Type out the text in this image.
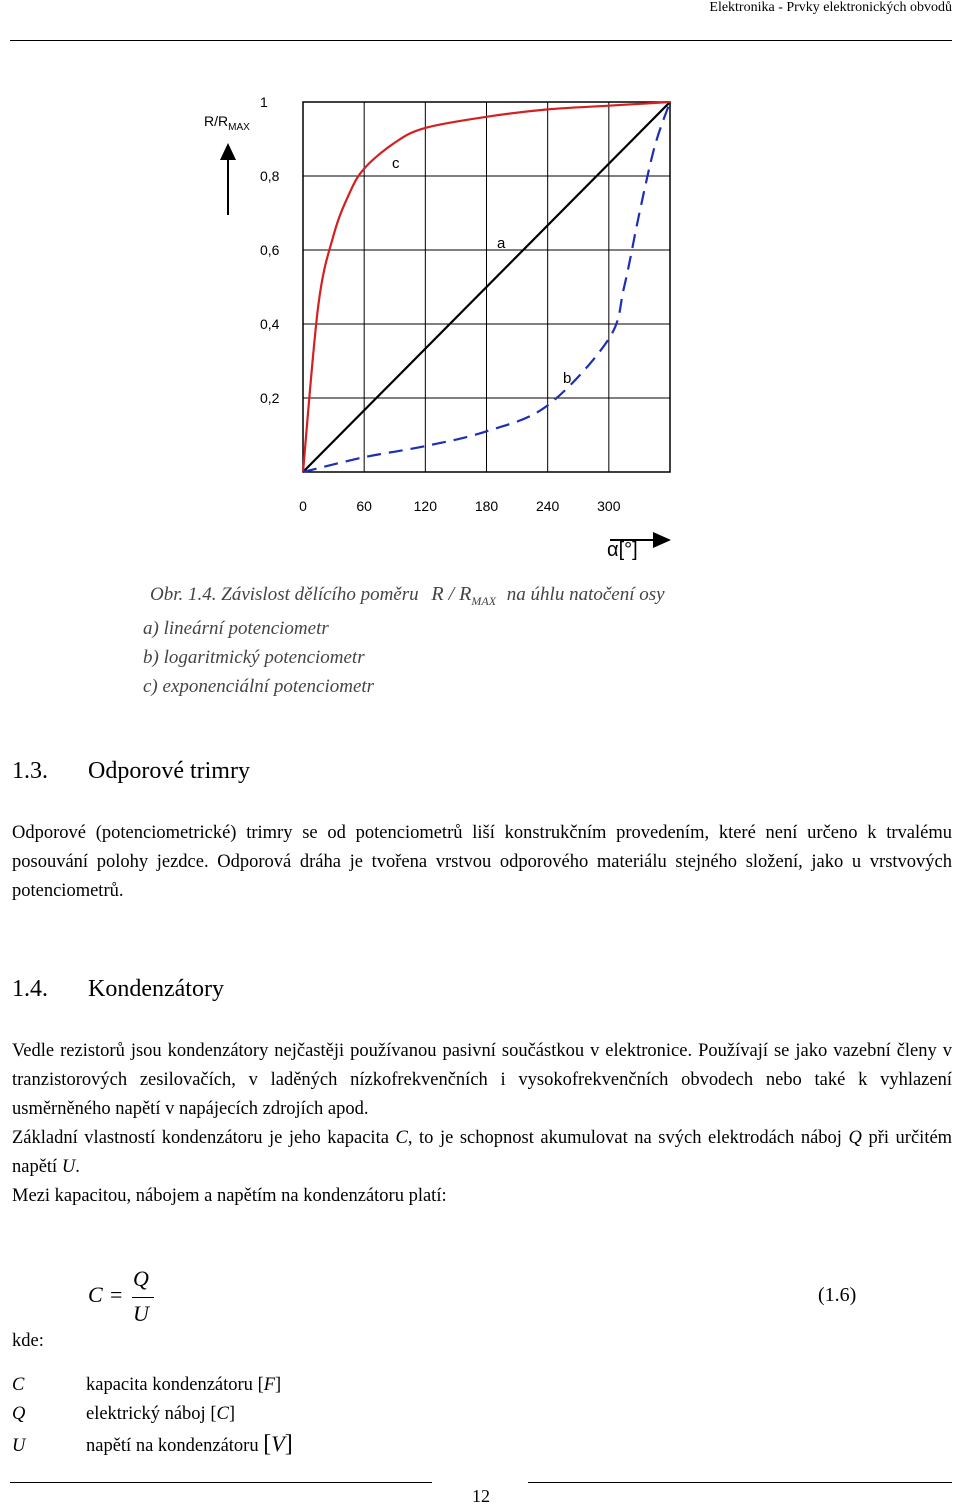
Elektronika - Prvky elektronických obvodů
$R/R_{MAX}$
1
0,8
0,6
0,4
0,2
0	60	120	180	240	300
α[°]
c
a
b
Obr. 1.4. Závislost dělícího poměru R / $R_{MAX}$ na úhlu natočení osy
a) lineární potenciometr
b) logaritmický potenciometr
c) exponenciální potenciometr
1.3. Odporové trimry

Odporové (potenciometrické) trimry se od potenciometrů liší konstrukčním provedením, které není určeno k trvalému posouvání polohy jezdce. Odporová dráha je tvořena vrstvou odporového materiálu stejného složení, jako u vrstvových potenciometrů.

1.4. Kondenzátory

Vedle rezistorů jsou kondenzátory nejčastěji používanou pasivní součástkou v elektronice. Používají se jako vazební členy v tranzistorových zesilovačích, v laděných nízkofrekvenčních i vysokofrekvenčních obvodech nebo také k vyhlazení usměrněného napětí v napájecích zdrojích apod.

Základní vlastností kondenzátoru je jeho kapacita C, to je schopnost akumulovat na svých elektrodách náboj Q při určitém napětí U.

Mezi kapacitou, nábojem a napětím na kondenzátoru platí:

C =
Q
U
(1.6)
kde:
C	kapacita kondenzátoru [F]
Q	elektrický náboj [C]
U	napětí na kondenzátoru [V]
12
